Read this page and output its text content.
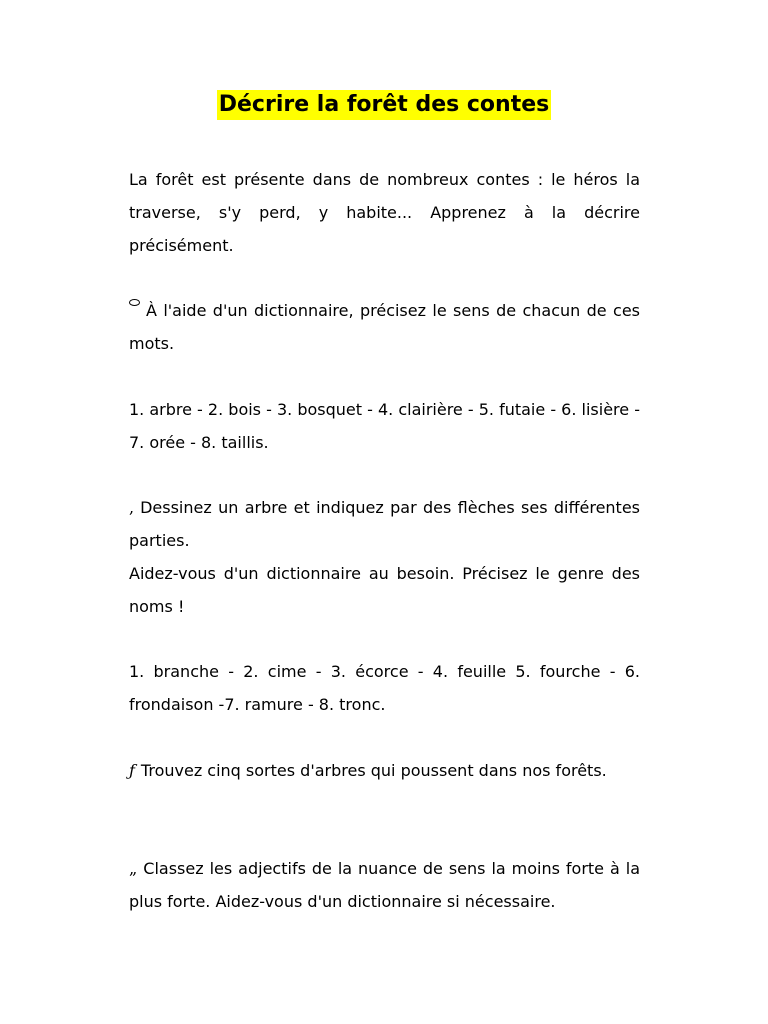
Décrire la forêt des contes

La forêt est présente dans de nombreux contes : le héros la traverse, s'y perd, y habite... Apprenez à la décrire précisément.

À l'aide d'un dictionnaire, précisez le sens de chacun de ces mots.

1. arbre - 2. bois - 3. bosquet - 4. clairière - 5. futaie - 6. lisière - 7. orée - 8. taillis.

, Dessinez un arbre et indiquez par des flèches ses différentes parties.

Aidez-vous d'un dictionnaire au besoin. Précisez le genre des noms !

1. branche - 2. cime - 3. écorce - 4. feuille 5. fourche - 6. frondaison -7. ramure - 8. tronc.

ƒ Trouvez cinq sortes d'arbres qui poussent dans nos forêts.

„ Classez les adjectifs de la nuance de sens la moins forte à la plus forte. Aidez-vous d'un dictionnaire si nécessaire.
